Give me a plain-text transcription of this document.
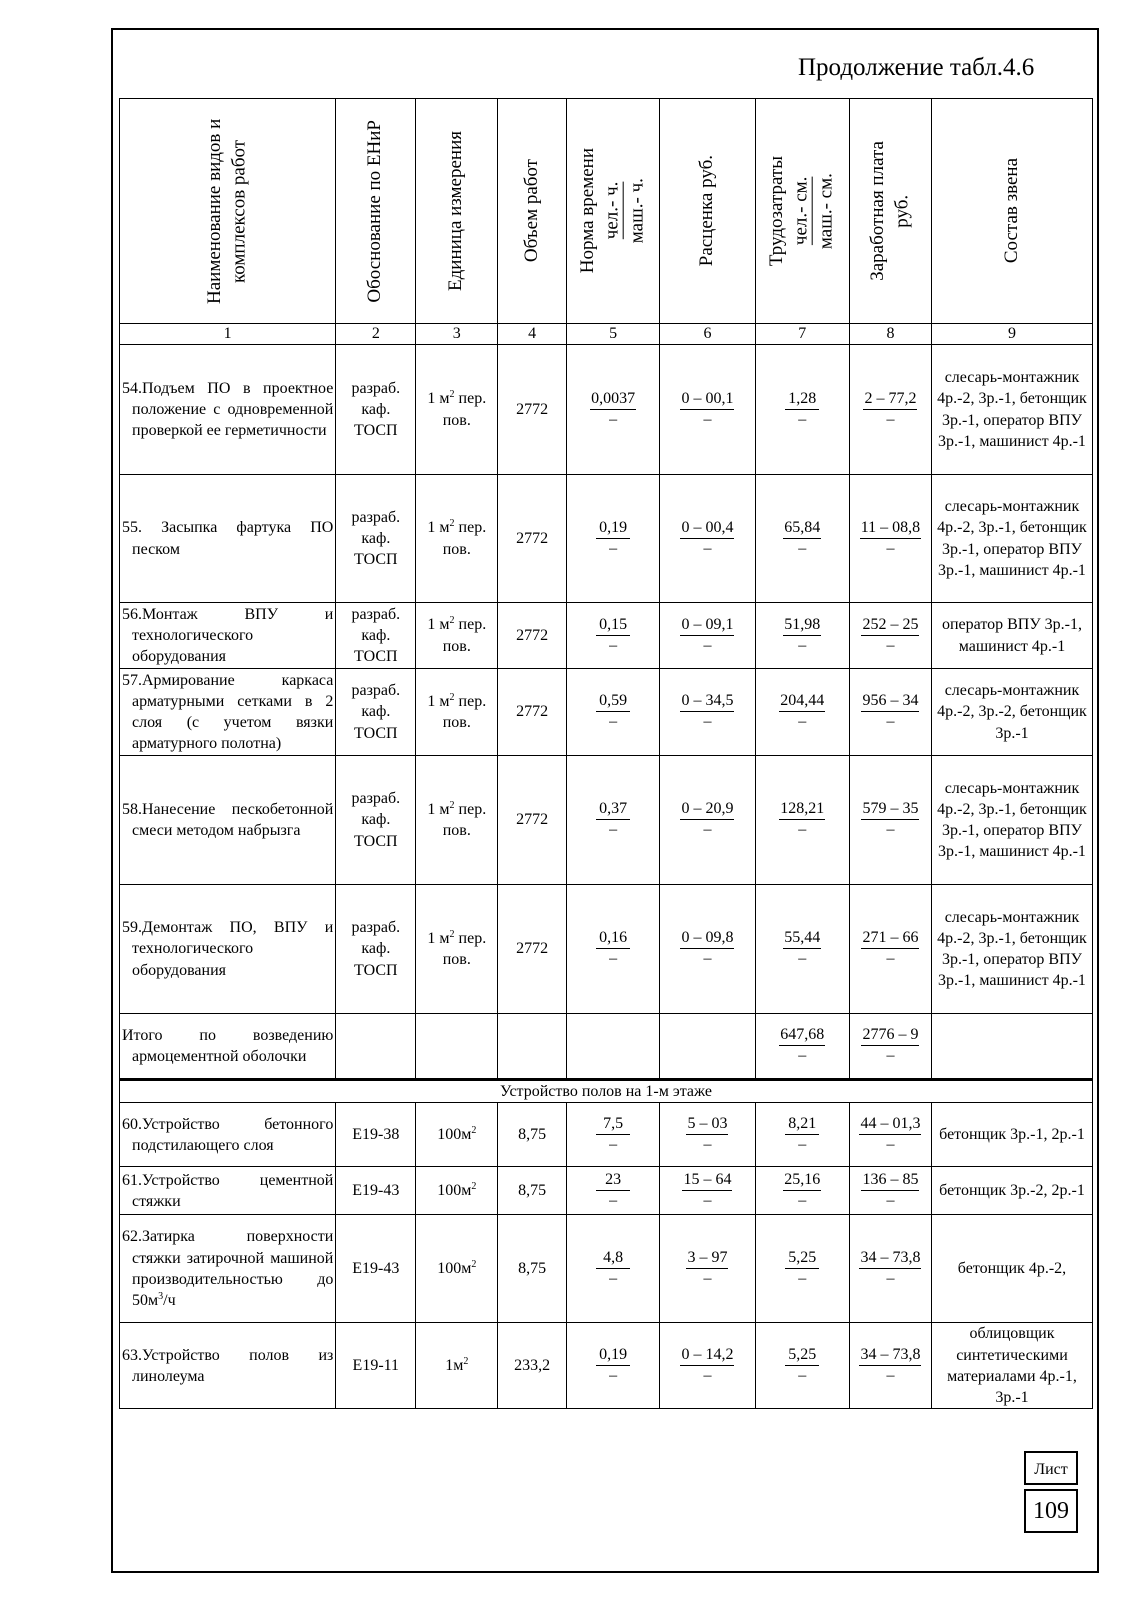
Продолжение табл.4.6
Наименование видов и комплексов работ	Обоснование по ЕНиР	Единица измерения	Объем работ	Норма времени чел.- ч. маш.- ч.	Расценка руб.	Трудозатраты чел.- см. маш.- см.	Заработная плата руб.	Состав звена

1	2	3	4	5	6	7	8	9

54.Подъем ПО в проектное положение с одновременной проверкой ее герметичности	разраб. каф. ТОСП	1 $м^2$ пер. пов.	2772	$\frac{0,0037}{-}$	$\frac{0 - 00,1}{-}$	$\frac{1,28}{-}$	$\frac{2 - 77,2}{-}$	слесарь-монтажник 4р.-2, 3р.-1, бетонщик 3р.-1, оператор ВПУ 3р.-1, машинист 4р.-1

55. Засыпка фартука ПО песком	разраб. каф. ТОСП	1 $м^2$ пер. пов.	2772	$\frac{0,19}{-}$	$\frac{0 - 00,4}{-}$	$\frac{65,84}{-}$	$\frac{11 - 08,8}{-}$	слесарь-монтажник 4р.-2, 3р.-1, бетонщик 3р.-1, оператор ВПУ 3р.-1, машинист 4р.-1

56.Монтаж ВПУ и технологического оборудования	разраб. каф. ТОСП	1 $м^2$ пер. пов.	2772	$\frac{0,15}{-}$	$\frac{0 - 09,1}{-}$	$\frac{51,98}{-}$	$\frac{252 - 25}{-}$	оператор ВПУ 3р.-1, машинист 4р.-1

57.Армирование каркаса арматурными сетками в 2 слоя (с учетом вязки арматурного полотна)	разраб. каф. ТОСП	1 $м^2$ пер. пов.	2772	$\frac{0,59}{-}$	$\frac{0 - 34,5}{-}$	$\frac{204,44}{-}$	$\frac{956 - 34}{-}$	слесарь-монтажник 4р.-2, 3р.-2, бетонщик 3р.-1

58.Нанесение пескобетонной смеси методом набрызга	разраб. каф. ТОСП	1 $м^2$ пер. пов.	2772	$\frac{0,37}{-}$	$\frac{0 - 20,9}{-}$	$\frac{128,21}{-}$	$\frac{579 - 35}{-}$	слесарь-монтажник 4р.-2, 3р.-1, бетонщик 3р.-1, оператор ВПУ 3р.-1, машинист 4р.-1

59.Демонтаж ПО, ВПУ и технологического оборудования	разраб. каф. ТОСП	1 $м^2$ пер. пов.	2772	$\frac{0,16}{-}$	$\frac{0 - 09,8}{-}$	$\frac{55,44}{-}$	$\frac{271 - 66}{-}$	слесарь-монтажник 4р.-2, 3р.-1, бетонщик 3р.-1, оператор ВПУ 3р.-1, машинист 4р.-1

Итого по возведению армоцементной оболочки						$\frac{647,68}{-}$	$\frac{2776 - 9}{-}$

Устройство полов на 1-м этаже								

60.Устройство бетонного подстилающего слоя	Е19-38	$100м^2$	8,75	$\frac{7,5}{-}$	$\frac{5 - 03}{-}$	$\frac{8,21}{-}$	$\frac{44 - 01,3}{-}$	бетонщик 3р.-1, 2р.-1

61.Устройство цементной стяжки	Е19-43	$100м^2$	8,75	$\frac{23}{-}$	$\frac{15 - 64}{-}$	$\frac{25,16}{-}$	$\frac{136 - 85}{-}$	бетонщик 3р.-2, 2р.-1

62.Затирка поверхности стяжки затирочной машиной производительностью до $50м^3/ч$	Е19-43	$100м^2$	8,75	$\frac{4,8}{-}$	$\frac{3 - 97}{-}$	$\frac{5,25}{-}$	$\frac{34 - 73,8}{-}$	бетонщик 4р.-2,

63.Устройство полов из линолеума	Е19-11	$1м^2$	233,2	$\frac{0,19}{-}$	$\frac{0 - 14,2}{-}$	$\frac{5,25}{-}$	$\frac{34 - 73,8}{-}$	облицовщик синтетическими материалами 4р.-1, 3р.-1
Лист
109
